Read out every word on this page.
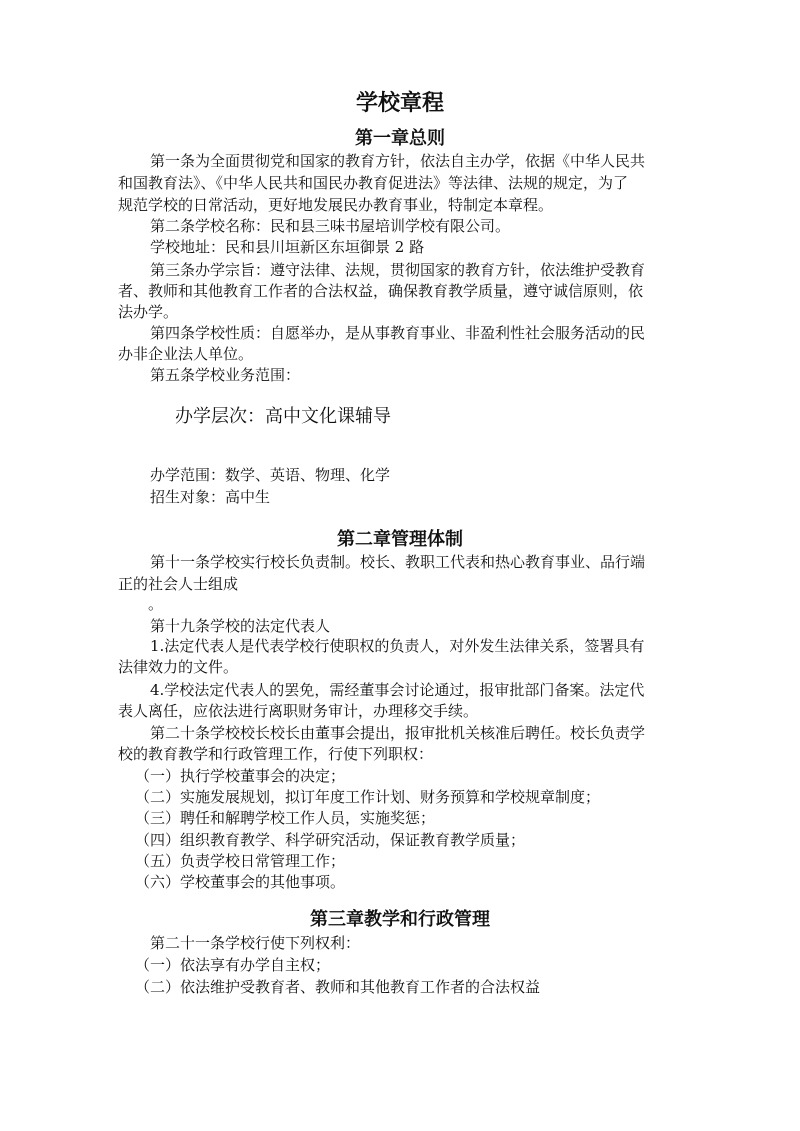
学校章程
第一章总则
第一条为全面贯彻党和国家的教育方针，依法自主办学，依据《中华人民共
和国教育法》、《中华人民共和国民办教育促进法》等法律、法规的规定，为了
规范学校的日常活动，更好地发展民办教育事业，特制定本章程。
第二条学校名称：民和县三味书屋培训学校有限公司。
学校地址：民和县川垣新区东垣御景 2 路
第三条办学宗旨：遵守法律、法规，贯彻国家的教育方针，依法维护受教育
者、教师和其他教育工作者的合法权益，确保教育教学质量，遵守诚信原则，依
法办学。
第四条学校性质：自愿举办，是从事教育事业、非盈利性社会服务活动的民
办非企业法人单位。
第五条学校业务范围：
办学层次：高中文化课辅导
办学范围：数学、英语、物理、化学
招生对象：高中生
第二章管理体制
第十一条学校实行校长负责制。校长、教职工代表和热心教育事业、品行端
正的社会人士组成
。
第十九条学校的法定代表人
1.法定代表人是代表学校行使职权的负责人，对外发生法律关系，签署具有
法律效力的文件。
4.学校法定代表人的罢免，需经董事会讨论通过，报审批部门备案。法定代
表人离任，应依法进行离职财务审计，办理移交手续。
第二十条学校校长校长由董事会提出，报审批机关核准后聘任。校长负责学
校的教育教学和行政管理工作，行使下列职权：
（一）执行学校董事会的决定；
（二）实施发展规划，拟订年度工作计划、财务预算和学校规章制度；
（三）聘任和解聘学校工作人员，实施奖惩；
（四）组织教育教学、科学研究活动，保证教育教学质量；
（五）负责学校日常管理工作；
（六）学校董事会的其他事项。
第三章教学和行政管理
第二十一条学校行使下列权利：
（一）依法享有办学自主权；
（二）依法维护受教育者、教师和其他教育工作者的合法权益
